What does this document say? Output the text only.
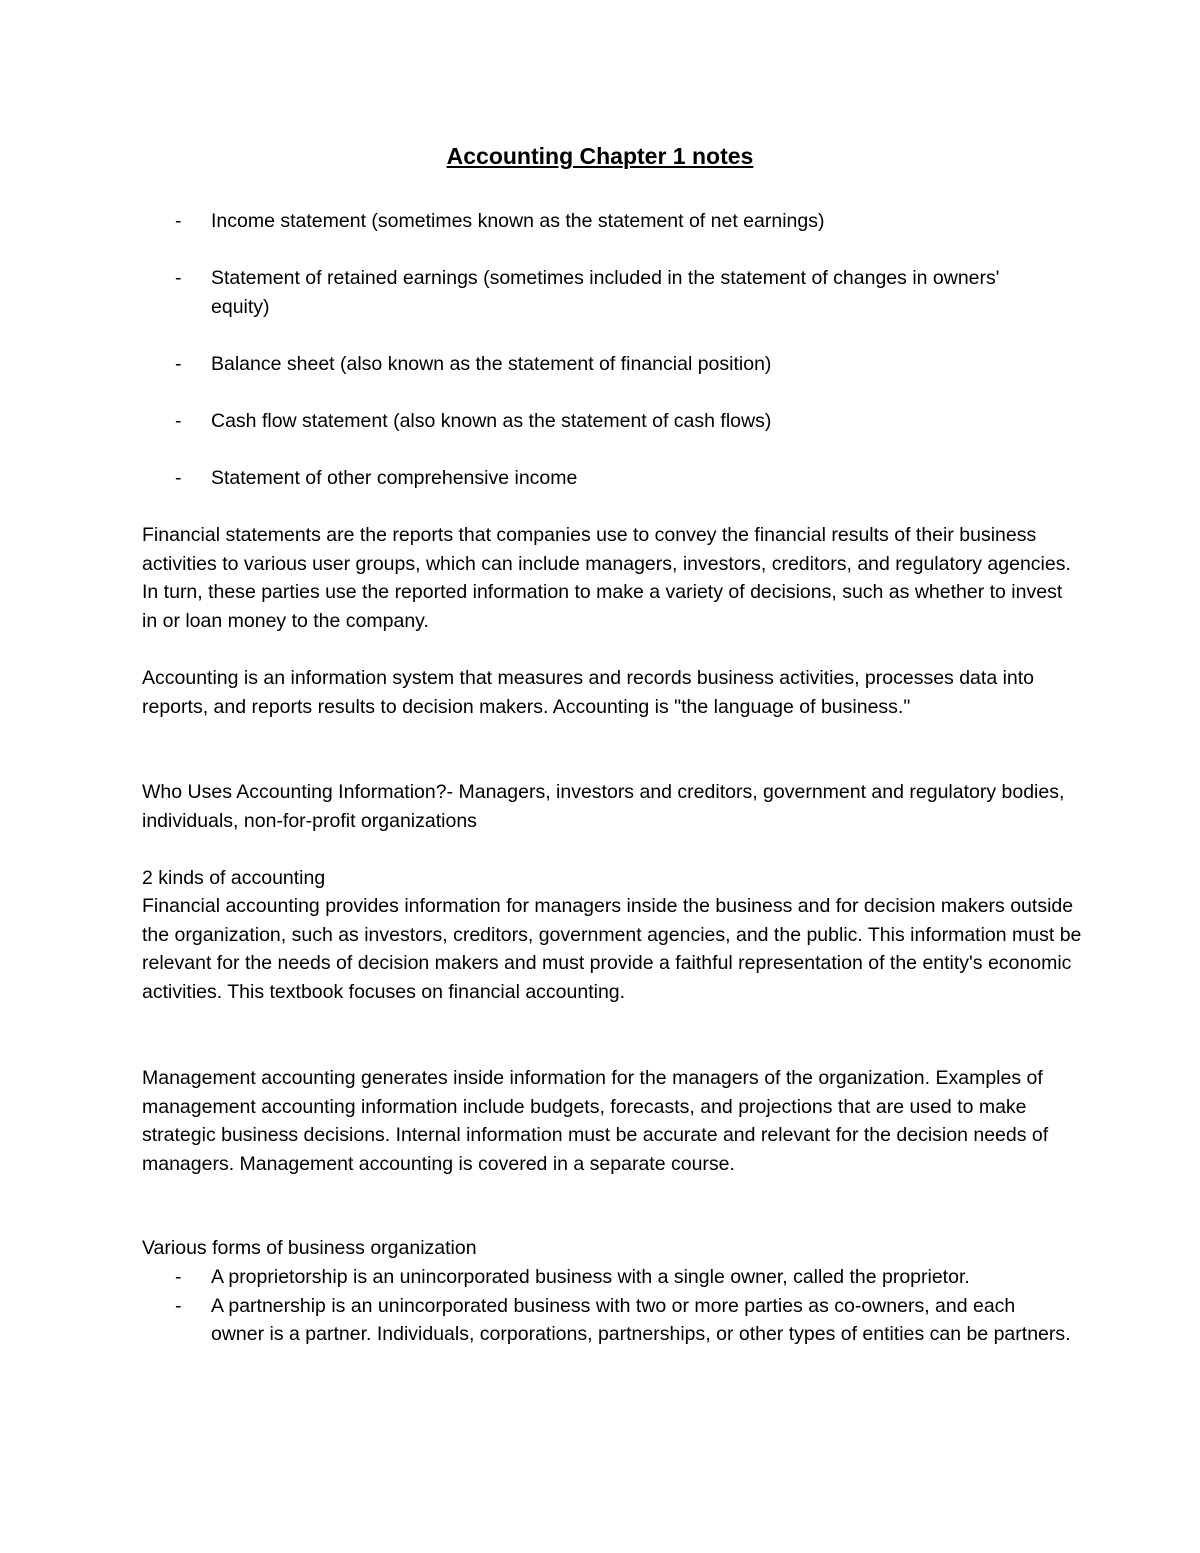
Accounting Chapter 1 notes
- Income statement (sometimes known as the statement of net earnings)
- Statement of retained earnings (sometimes included in the statement of changes in owners' equity)
- Balance sheet (also known as the statement of financial position)
- Cash flow statement (also known as the statement of cash flows)
- Statement of other comprehensive income

Financial statements are the reports that companies use to convey the financial results of their business activities to various user groups, which can include managers, investors, creditors, and regulatory agencies. In turn, these parties use the reported information to make a variety of decisions, such as whether to invest in or loan money to the company.

Accounting is an information system that measures and records business activities, processes data into reports, and reports results to decision makers. Accounting is "the language of business."

Who Uses Accounting Information?- Managers, investors and creditors, government and regulatory bodies, individuals, non-for-profit organizations

2 kinds of accounting

Financial accounting provides information for managers inside the business and for decision makers outside the organization, such as investors, creditors, government agencies, and the public. This information must be relevant for the needs of decision makers and must provide a faithful representation of the entity's economic activities. This textbook focuses on financial accounting.

Management accounting generates inside information for the managers of the organization. Examples of management accounting information include budgets, forecasts, and projections that are used to make strategic business decisions. Internal information must be accurate and relevant for the decision needs of managers. Management accounting is covered in a separate course.

Various forms of business organization

- A proprietorship is an unincorporated business with a single owner, called the proprietor.
- A partnership is an unincorporated business with two or more parties as co-owners, and each owner is a partner. Individuals, corporations, partnerships, or other types of entities can be partners.
